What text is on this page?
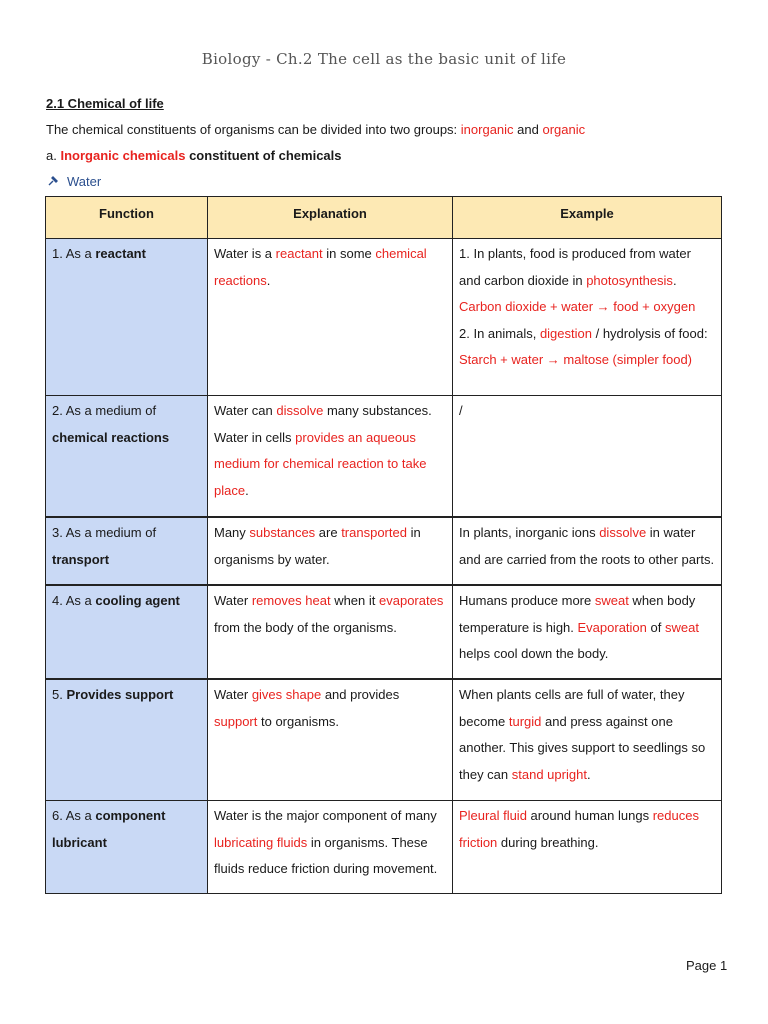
Biology - Ch.2 The cell as the basic unit of life
2.1 Chemical of life
The chemical constituents of organisms can be divided into two groups: inorganic and organic
a. Inorganic chemicals constituent of chemicals
Water
Function	Explanation	Example
1. As a reactant	Water is a reactant in some chemical reactions.	1. In plants, food is produced from water and carbon dioxide in photosynthesis.
Carbon dioxide + water → food + oxygen
2. In animals, digestion / hydrolysis of food:
Starch + water → maltose (simpler food)
2. As a medium of chemical reactions	Water can dissolve many substances. Water in cells provides an aqueous medium for chemical reaction to take place.	/
3. As a medium of transport	Many substances are transported in organisms by water.	In plants, inorganic ions dissolve in water and are carried from the roots to other parts.
4. As a cooling agent	Water removes heat when it evaporates from the body of the organisms.	Humans produce more sweat when body temperature is high. Evaporation of sweat helps cool down the body.
5. Provides support	Water gives shape and provides support to organisms.	When plants cells are full of water, they become turgid and press against one another. This gives support to seedlings so they can stand upright.
6. As a component lubricant	Water is the major component of many lubricating fluids in organisms. These fluids reduce friction during movement.	Pleural fluid around human lungs reduces friction during breathing.
Page 1
